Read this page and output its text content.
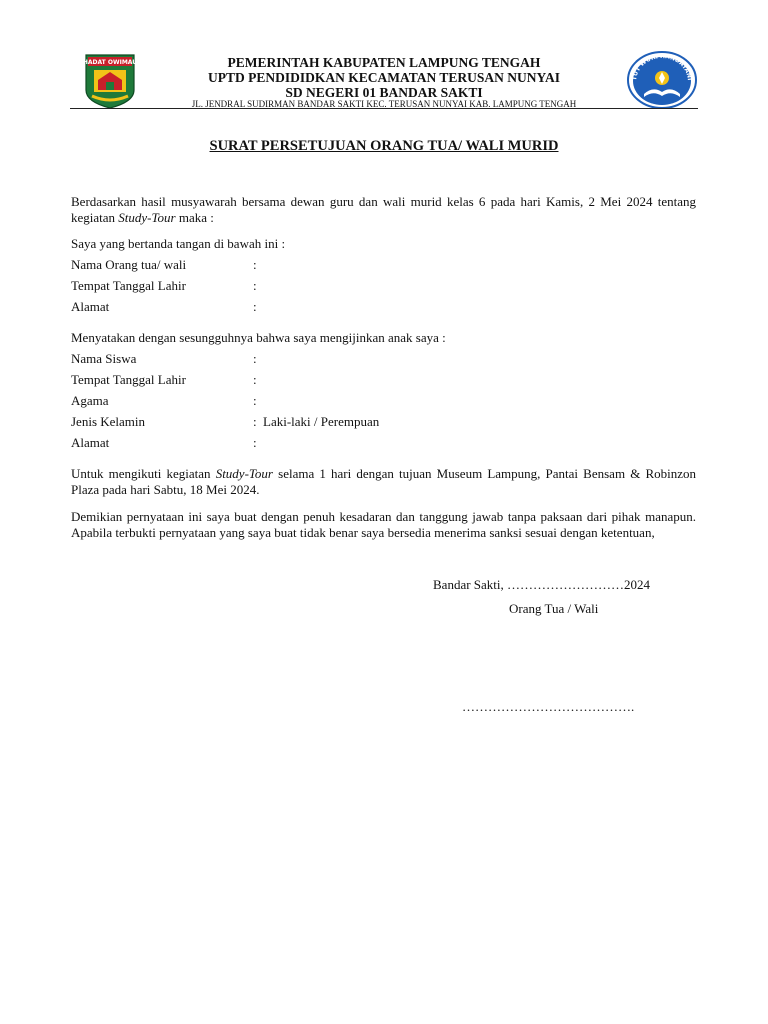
HADAT OWIMAU	PEMERINTAH KABUPATEN LAMPUNG TENGAH
UPTD PENDIDIDKAN KECAMATAN TERUSAN NUNYAI
SD NEGERI 01 BANDAR SAKTI
JL. JENDRAL SUDIRMAN BANDAR SAKTI KEC. TERUSAN NUNYAI KAB. LAMPUNG TENGAH
TUT WURI HANDAYANI
SURAT PERSETUJUAN ORANG TUA/ WALI MURID
Berdasarkan hasil musyawarah bersama dewan guru dan wali murid kelas 6 pada hari Kamis, 2 Mei 2024 tentang kegiatan Study-Tour maka :
Saya yang bertanda tangan di bawah ini :
Nama Orang tua/ wali	:
Tempat Tanggal Lahir	:
Alamat	:
Menyatakan dengan sesungguhnya bahwa saya mengijinkan anak saya :
Nama Siswa	:
Tempat Tanggal Lahir	:
Agama	:
Jenis Kelamin	: Laki-laki / Perempuan
Alamat	:
Untuk mengikuti kegiatan Study-Tour selama 1 hari dengan tujuan Museum Lampung, Pantai Bensam & Robinzon Plaza pada hari Sabtu, 18 Mei 2024.
Demikian pernyataan ini saya buat dengan penuh kesadaran dan tanggung jawab tanpa paksaan dari pihak manapun. Apabila terbukti pernyataan yang saya buat tidak benar saya bersedia menerima sanksi sesuai dengan ketentuan,
Bandar Sakti, ………………………2024
Orang Tua / Wali
………………………………….
